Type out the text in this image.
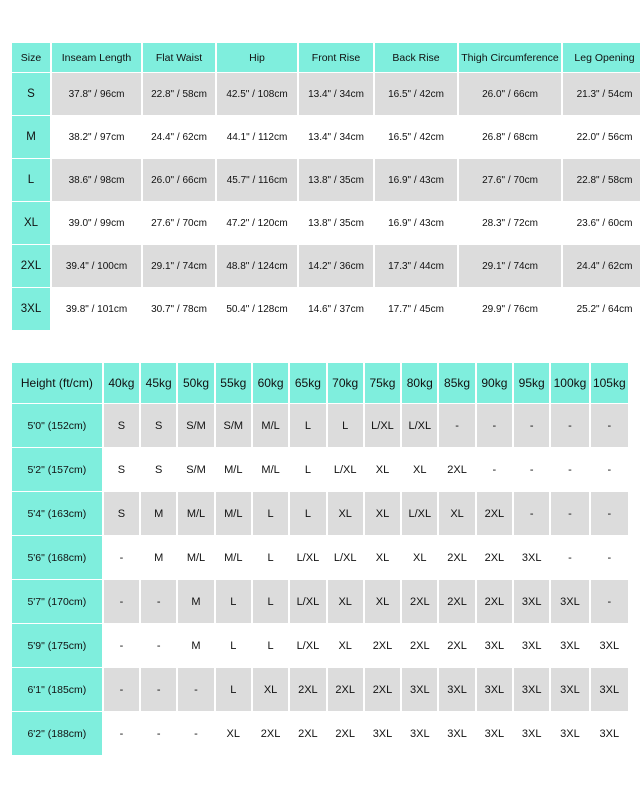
Size	Inseam Length	Flat Waist	Hip	Front Rise	Back Rise	Thigh Circumference	Leg Opening
S	37.8" / 96cm	22.8" / 58cm	42.5" / 108cm	13.4" / 34cm	16.5" / 42cm	26.0" / 66cm	21.3" / 54cm
M	38.2" / 97cm	24.4" / 62cm	44.1" / 112cm	13.4" / 34cm	16.5" / 42cm	26.8" / 68cm	22.0" / 56cm
L	38.6" / 98cm	26.0" / 66cm	45.7" / 116cm	13.8" / 35cm	16.9" / 43cm	27.6" / 70cm	22.8" / 58cm
XL	39.0" / 99cm	27.6" / 70cm	47.2" / 120cm	13.8" / 35cm	16.9" / 43cm	28.3" / 72cm	23.6" / 60cm
2XL	39.4" / 100cm	29.1" / 74cm	48.8" / 124cm	14.2" / 36cm	17.3" / 44cm	29.1" / 74cm	24.4" / 62cm
3XL	39.8" / 101cm	30.7" / 78cm	50.4" / 128cm	14.6" / 37cm	17.7" / 45cm	29.9" / 76cm	25.2" / 64cm
Height (ft/cm)	40kg	45kg	50kg	55kg	60kg	65kg	70kg	75kg	80kg	85kg	90kg	95kg	100kg	105kg
5'0" (152cm)	S	S	S/M	S/M	M/L	L	L	L/XL	L/XL	-	-	-	-	-
5'2" (157cm)	S	S	S/M	M/L	M/L	L	L/XL	XL	XL	2XL	-	-	-	-
5'4" (163cm)	S	M	M/L	M/L	L	L	XL	XL	L/XL	XL	2XL	-	-	-
5'6" (168cm)	-	M	M/L	M/L	L	L/XL	L/XL	XL	XL	2XL	2XL	3XL	-	-
5'7" (170cm)	-	-	M	L	L	L/XL	XL	XL	2XL	2XL	2XL	3XL	3XL	-
5'9" (175cm)	-	-	M	L	L	L/XL	XL	2XL	2XL	2XL	3XL	3XL	3XL	3XL
6'1" (185cm)	-	-	-	L	XL	2XL	2XL	2XL	3XL	3XL	3XL	3XL	3XL	3XL
6'2" (188cm)	-	-	-	XL	2XL	2XL	2XL	3XL	3XL	3XL	3XL	3XL	3XL	3XL
